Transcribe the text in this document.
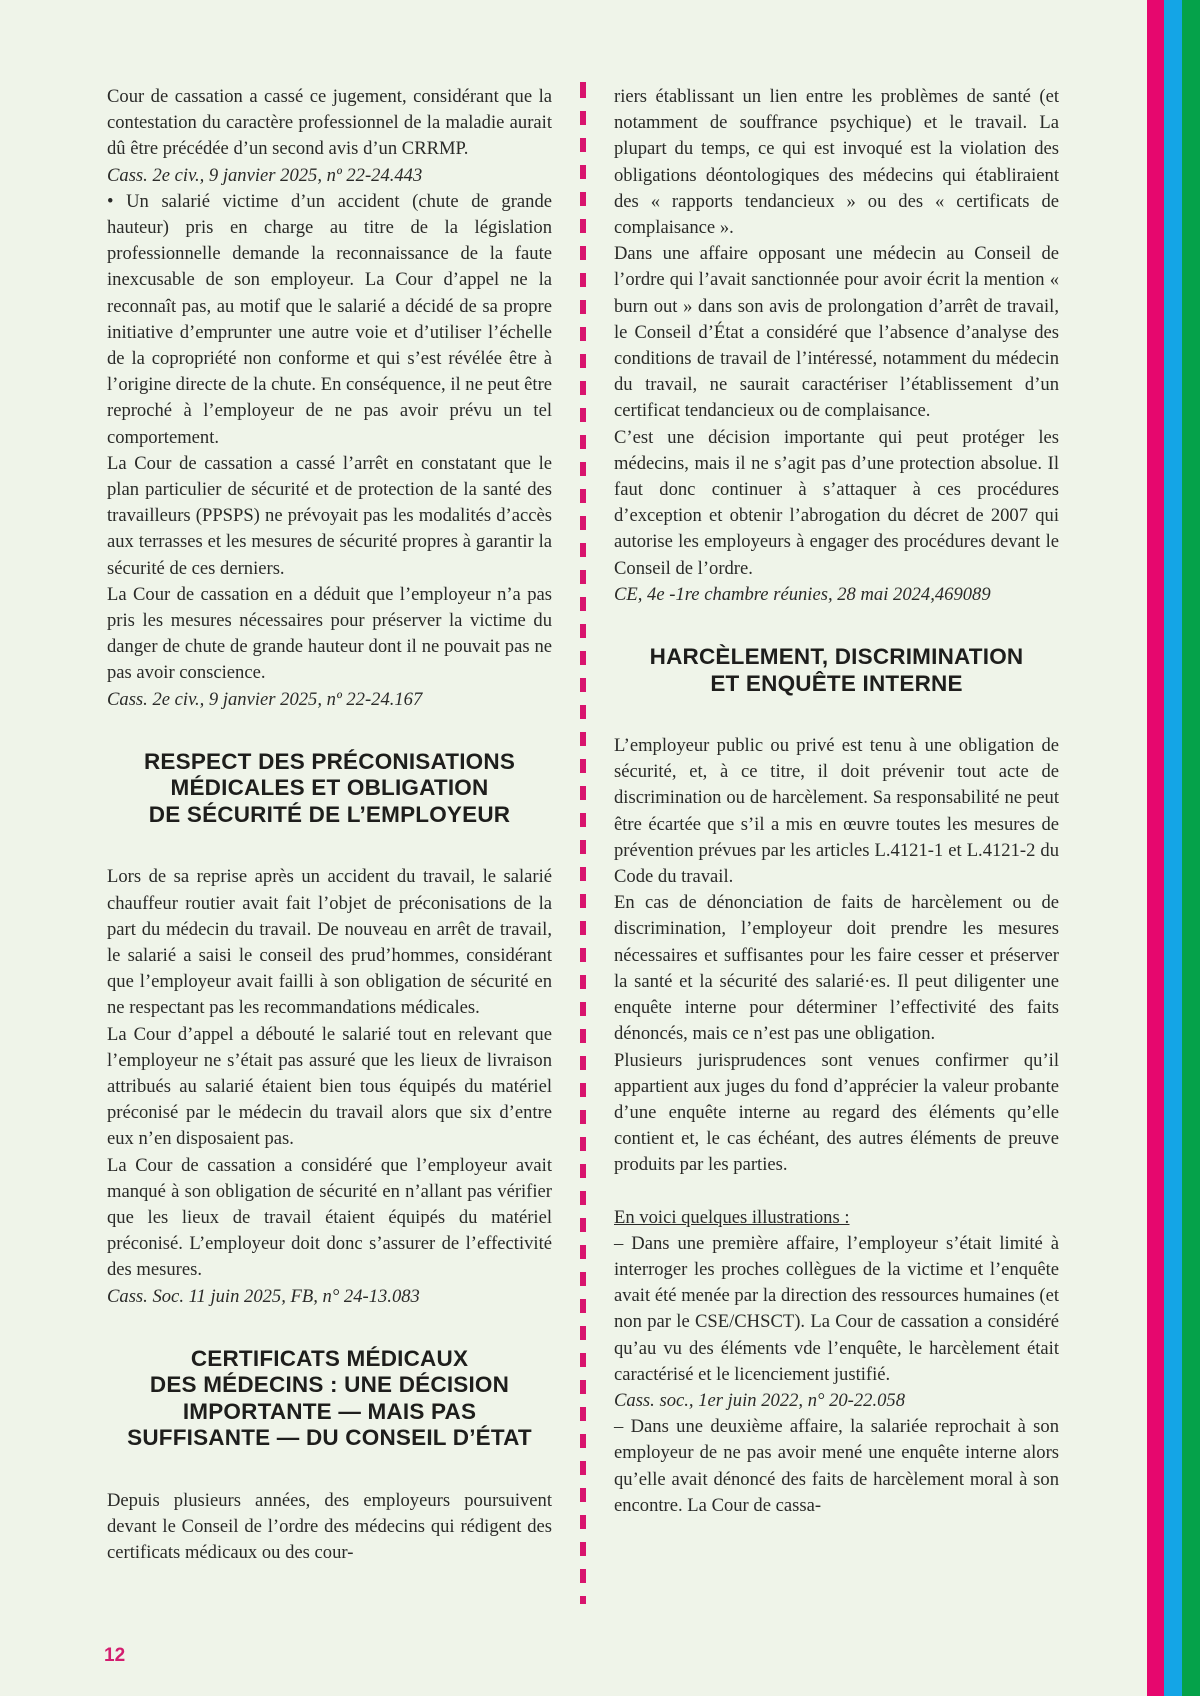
Cour de cassation a cassé ce jugement, considérant que la contestation du caractère professionnel de la maladie aurait dû être précédée d’un second avis d’un CRRMP.

Cass. 2e civ., 9 janvier 2025, nº 22-24.443

• Un salarié victime d’un accident (chute de grande hauteur) pris en charge au titre de la législation professionnelle demande la reconnaissance de la faute inexcusable de son employeur. La Cour d’appel ne la reconnaît pas, au motif que le salarié a décidé de sa propre initiative d’emprunter une autre voie et d’utiliser l’échelle de la copropriété non conforme et qui s’est révélée être à l’origine directe de la chute. En conséquence, il ne peut être reproché à l’employeur de ne pas avoir prévu un tel comportement.

La Cour de cassation a cassé l’arrêt en constatant que le plan particulier de sécurité et de protection de la santé des travailleurs (PPSPS) ne prévoyait pas les modalités d’accès aux terrasses et les mesures de sécurité propres à garantir la sécurité de ces derniers.

La Cour de cassation en a déduit que l’employeur n’a pas pris les mesures nécessaires pour préserver la victime du danger de chute de grande hauteur dont il ne pouvait pas ne pas avoir conscience.

Cass. 2e civ., 9 janvier 2025, nº 22-24.167

RESPECT DES PRÉCONISATIONS
MÉDICALES ET OBLIGATION
DE SÉCURITÉ DE L’EMPLOYEUR

Lors de sa reprise après un accident du travail, le salarié chauffeur routier avait fait l’objet de préconisations de la part du médecin du travail. De nouveau en arrêt de travail, le salarié a saisi le conseil des prud’hommes, considérant que l’employeur avait failli à son obligation de sécurité en ne respectant pas les recommandations médicales.

La Cour d’appel a débouté le salarié tout en relevant que l’employeur ne s’était pas assuré que les lieux de livraison attribués au salarié étaient bien tous équipés du matériel préconisé par le médecin du travail alors que six d’entre eux n’en disposaient pas.

La Cour de cassation a considéré que l’employeur avait manqué à son obligation de sécurité en n’allant pas vérifier que les lieux de travail étaient équipés du matériel préconisé. L’employeur doit donc s’assurer de l’effectivité des mesures.

Cass. Soc. 11 juin 2025, FB, n° 24-13.083

CERTIFICATS MÉDICAUX
DES MÉDECINS : UNE DÉCISION
IMPORTANTE — MAIS PAS
SUFFISANTE — DU CONSEIL D’ÉTAT

Depuis plusieurs années, des employeurs poursuivent devant le Conseil de l’ordre des médecins qui rédigent des certificats médicaux ou des cour-

riers établissant un lien entre les problèmes de santé (et notamment de souffrance psychique) et le travail. La plupart du temps, ce qui est invoqué est la violation des obligations déontologiques des médecins qui établiraient des « rapports tendancieux » ou des « certificats de complaisance ».

Dans une affaire opposant une médecin au Conseil de l’ordre qui l’avait sanctionnée pour avoir écrit la mention « burn out » dans son avis de prolongation d’arrêt de travail, le Conseil d’État a considéré que l’absence d’analyse des conditions de travail de l’intéressé, notamment du médecin du travail, ne saurait caractériser l’établissement d’un certificat tendancieux ou de complaisance.

C’est une décision importante qui peut protéger les médecins, mais il ne s’agit pas d’une protection absolue. Il faut donc continuer à s’attaquer à ces procédures d’exception et obtenir l’abrogation du décret de 2007 qui autorise les employeurs à engager des procédures devant le Conseil de l’ordre.

CE, 4e -1re chambre réunies, 28 mai 2024,469089

HARCÈLEMENT, DISCRIMINATION
ET ENQUÊTE INTERNE

L’employeur public ou privé est tenu à une obligation de sécurité, et, à ce titre, il doit prévenir tout acte de discrimination ou de harcèlement. Sa responsabilité ne peut être écartée que s’il a mis en œuvre toutes les mesures de prévention prévues par les articles L.4121-1 et L.4121-2 du Code du travail.

En cas de dénonciation de faits de harcèlement ou de discrimination, l’employeur doit prendre les mesures nécessaires et suffisantes pour les faire cesser et préserver la santé et la sécurité des salarié·es. Il peut diligenter une enquête interne pour déterminer l’effectivité des faits dénoncés, mais ce n’est pas une obligation.

Plusieurs jurisprudences sont venues confirmer qu’il appartient aux juges du fond d’apprécier la valeur probante d’une enquête interne au regard des éléments qu’elle contient et, le cas échéant, des autres éléments de preuve produits par les parties.

En voici quelques illustrations :

– Dans une première affaire, l’employeur s’était limité à interroger les proches collègues de la victime et l’enquête avait été menée par la direction des ressources humaines (et non par le CSE/CHSCT). La Cour de cassation a considéré qu’au vu des éléments vde l’enquête, le harcèlement était caractérisé et le licenciement justifié.

Cass. soc., 1er juin 2022, n° 20-22.058

– Dans une deuxième affaire, la salariée reprochait à son employeur de ne pas avoir mené une enquête interne alors qu’elle avait dénoncé des faits de harcèlement moral à son encontre. La Cour de cassa-

12
